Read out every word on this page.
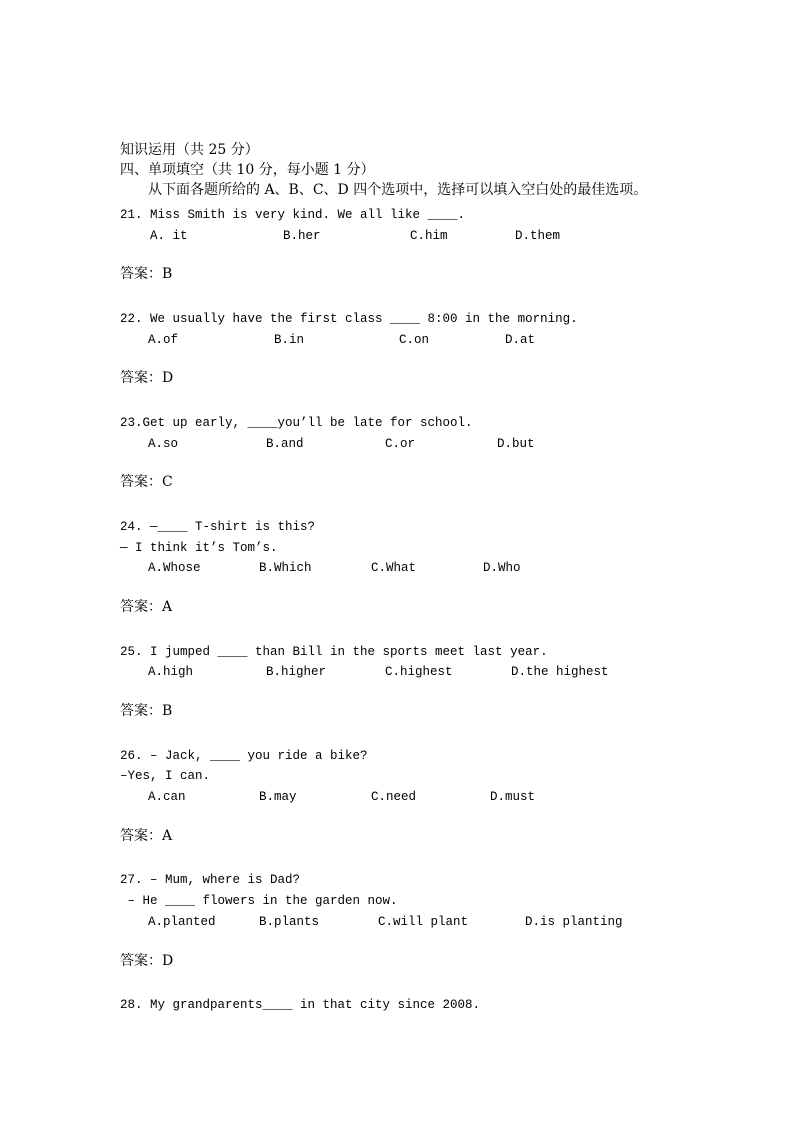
知识运用（共 25 分）
四、单项填空（共 10 分，每小题 1 分）
从下面各题所给的 A、B、C、D 四个选项中，选择可以填入空白处的最佳选项。
21. Miss Smith is very kind. We all like ____.
A. it	B.her	C.him	D.them
答案：B
22. We usually have the first class ____ 8:00 in the morning.
A.of	B.in	C.on	D.at
答案：D
23.Get up early, ____you’ll be late for school.
A.so	B.and	C.or	D.but
答案：C
24. —____ T-shirt is this?
— I think it’s Tom’s.
A.Whose	B.Which	C.What	D.Who
答案：A
25. I jumped ____ than Bill in the sports meet last year.
A.high	B.higher	C.highest	D.the highest
答案：B
26. – Jack, ____ you ride a bike?
–Yes, I can.
A.can	B.may	C.need	D.must
答案：A
27. – Mum, where is Dad?
– He ____ flowers in the garden now.
A.planted	B.plants	C.will plant	D.is planting
答案：D
28. My grandparents____ in that city since 2008.
